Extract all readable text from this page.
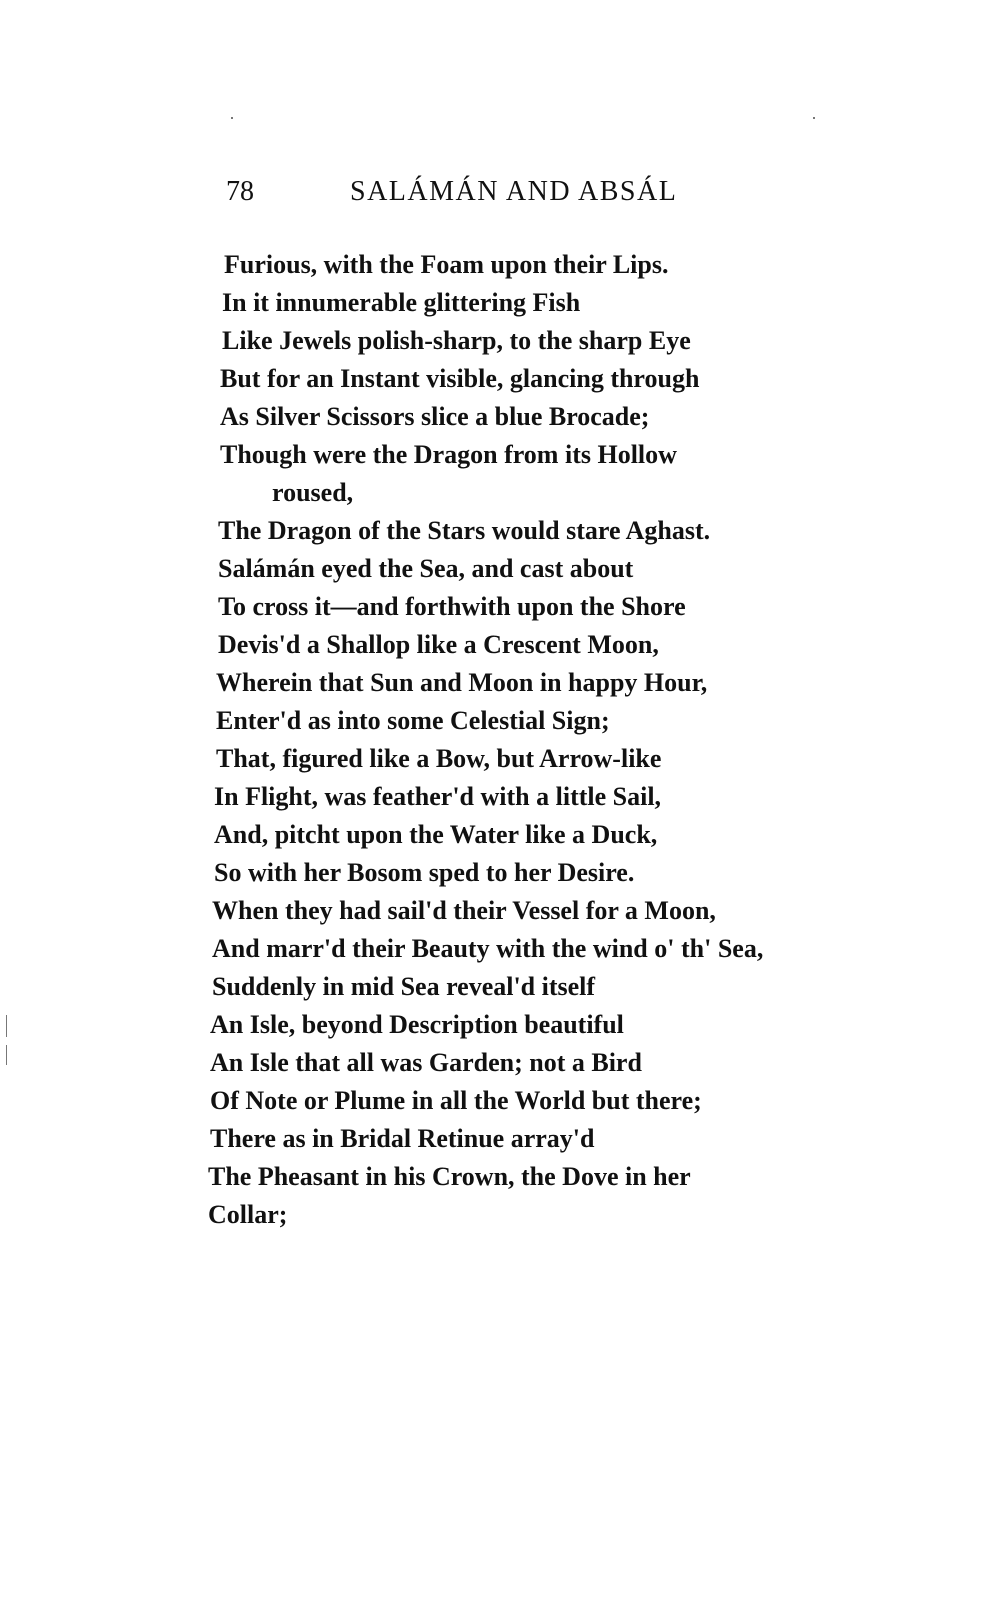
78	SALÁMÁN AND ABSÁL
Furious, with the Foam upon their Lips.
In it innumerable glittering Fish
Like Jewels polish-sharp, to the sharp Eye
But for an Instant visible, glancing through
As Silver Scissors slice a blue Brocade;
Though were the Dragon from its Hollow
roused,
The Dragon of the Stars would stare Aghast.
Salámán eyed the Sea, and cast about
To cross it—and forthwith upon the Shore
Devis'd a Shallop like a Crescent Moon,
Wherein that Sun and Moon in happy Hour,
Enter'd as into some Celestial Sign;
That, figured like a Bow, but Arrow-like
In Flight, was feather'd with a little Sail,
And, pitcht upon the Water like a Duck,
So with her Bosom sped to her Desire.
When they had sail'd their Vessel for a Moon,
And marr'd their Beauty with the wind o' th' Sea,
Suddenly in mid Sea reveal'd itself
An Isle, beyond Description beautiful
An Isle that all was Garden; not a Bird
Of Note or Plume in all the World but there;
There as in Bridal Retinue array'd
The Pheasant in his Crown, the Dove in her
Collar;
